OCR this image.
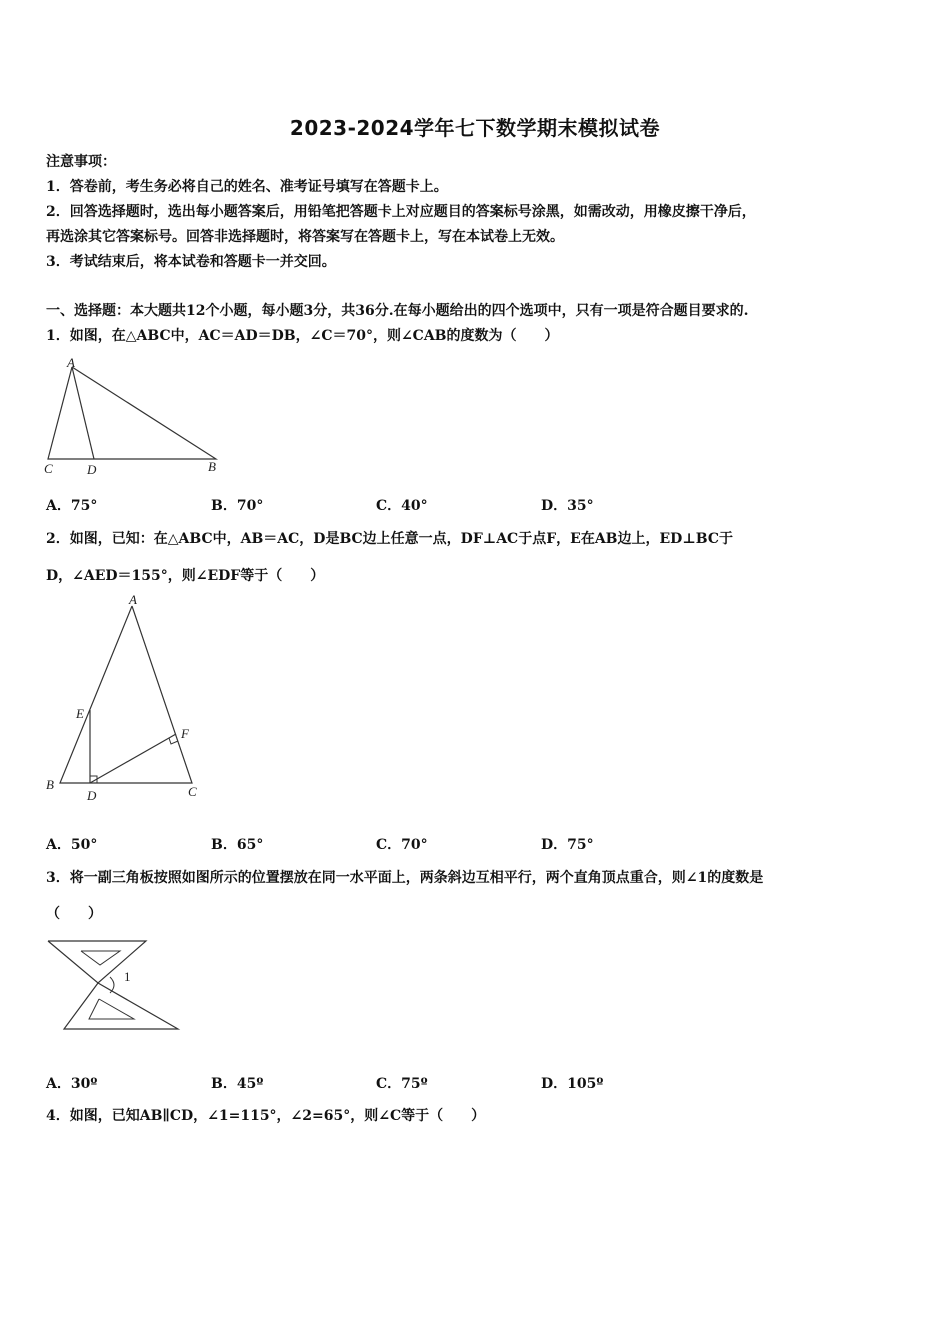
2023-2024学年七下数学期末模拟试卷
注意事项：
1．答卷前，考生务必将自己的姓名、准考证号填写在答题卡上。
2．回答选择题时，选出每小题答案后，用铅笔把答题卡上对应题目的答案标号涂黑，如需改动，用橡皮擦干净后，
再选涂其它答案标号。回答非选择题时，将答案写在答题卡上，写在本试卷上无效。
3．考试结束后，将本试卷和答题卡一并交回。
一、选择题：本大题共12个小题，每小题3分，共36分.在每小题给出的四个选项中，只有一项是符合题目要求的.
1．如图，在△ABC中，AC＝AD＝DB，∠C＝70°，则∠CAB的度数为（　　）
A
C	D	B
A．75°	B．70°	C．40°	D．35°
2．如图，已知：在△ABC中，AB＝AC，D是BC边上任意一点，DF⊥AC于点F，E在AB边上，ED⊥BC于
D，∠AED＝155°，则∠EDF等于（　　）
A
E
F
B
D	C
A．50°	B．65°	C．70°	D．75°
3．将一副三角板按照如图所示的位置摆放在同一水平面上，两条斜边互相平行，两个直角顶点重合，则∠1的度数是
（　　）
1
A．30º	B．45º	C．75º	D．105º
4．如图，已知AB∥CD，∠1=115°，∠2=65°，则∠C等于（　　）
